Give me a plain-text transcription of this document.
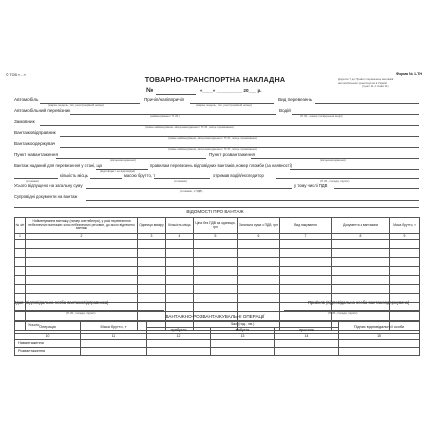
© ТОВ «....»	Форма № 1-ТН
Додаток 7 до Правил перевезень вантажів
автомобільним транспортом в Україні
(пункт 11.1 глави 11)
ТОВАРНО-ТРАНСПОРТНА НАКЛАДНА
№	«____» __________ 20___ р.
Автомобіль
(марка, модель, тип, реєстраційний номер)
Причіп/напівпричіп
(марка, модель, тип, реєстраційний номер)
Вид перевезень
Автомобільний перевізник
(найменування / П.І.Б.)
Водій
(П.І.Б., номер посвідчення водія)
Замовник
(повне найменування, місцезнаходження / П.І.Б., місце проживання)
Вантажовідправник
(повне найменування, місцезнаходження / П.І.Б., місце проживання)
Вантажоодержувач
(повне найменування, місцезнаходження / П.І.Б., місце проживання)
Пункт навантаження
(місцезнаходження)
Пункт розвантаження
(місцезнаходження)
Вантаж наданий для перевезення у стані, що
(відповідає / не відповідає)
правилам перевезень відповідних вантажів, номер пломби (за наявності)
кількість місць
(словами)
масою брутто, т
(словами)
отримав водій/експедитор
(П.І.Б., посада, підпис)
Усього відпущено на загальну суму
(словами, з ПДВ)
у тому числі ПДВ
Супровідні документи на вантаж
ВІДОМОСТІ ПРО ВАНТАЖ
№ з/п	Найменування вантажу (номер контейнера), у разі перевезення небезпечних вантажів: клас небезпечних речовин, до якого віднесено вантаж	Одиниця виміру	Кількість місць	Ціна без ПДВ за одиницю, грн	Загальна сума з ПДВ, грн	Вид пакування	Документи з вантажем	Маса брутто, т
1	2	3	4	5	6	7	8	9

	Усього:							
Здав (відповідальна особа вантажовідправника)
(П.І.Б., посада, підпис)
Прийняв (відповідальна особа вантажоодержувача)
(П.І.Б., посада, підпис)
ВАНТАЖНО-РОЗВАНТАЖУВАЛЬНІ ОПЕРАЦІЇ
Операція	Маса брутто, т	Час (год., хв.)			Підпис відповідальної особи
		прибуття	вибуття	простою	
10	11	12	13	14	15
Навантаження					
Розвантаження					
